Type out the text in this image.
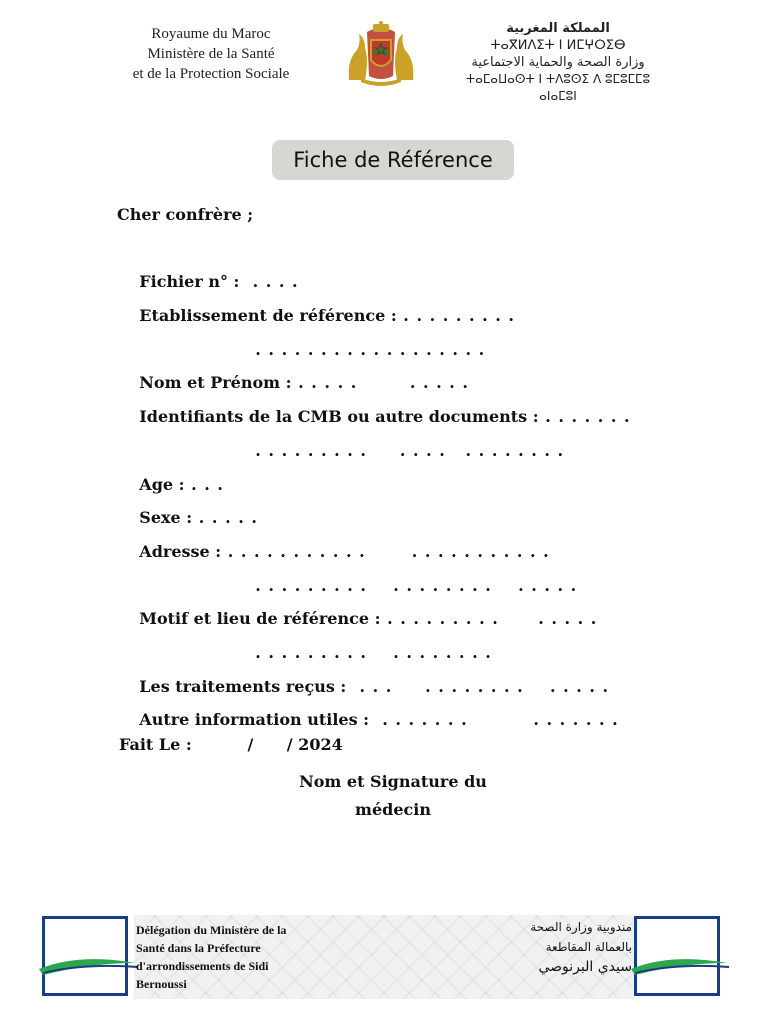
Royaume du Maroc
Ministère de la Santé
et de la Protection Sociale
المملكة المغربية
ⵜⴰⴳⵍⴷⵉⵜ ⵏ ⵍⵎⵖⵔⵉⴱ
وزارة الصحة والحماية الاجتماعية
ⵜⴰⵎⴰⵡⴰⵙⵜ ⵏ ⵜⴷⵓⵙⵉ ⴷ ⵓⵎⵓⵎⵎⵓ ⴰⵏⴰⵎⵓⵏ
Fiche de Référence
Cher confrère ;

Fichier n° :  . . . .

Etablissement de référence : . . . . . . . . .

. . . . . . . . . . . . . . . . . .

Nom et Prénom : . . . . .        . . . . .

Identifiants de la CMB ou autre documents : . . . . . . .

. . . . . . . . .     . . . .   . . . . . . . .

Age : . . .

Sexe : . . . . .

Adresse : . . . . . . . . . . .       . . . . . . . . . . .

. . . . . . . . .    . . . . . . . .    . . . . .

Motif et lieu de référence : . . . . . . . . .      . . . . .

. . . . . . . . .    . . . . . . . .

Les traitements reçus :  . . .     . . . . . . . .    . . . . .

Autre information utiles :  . . . . . . .          . . . . . . .

Fait Le :          /      / 2024
Nom et Signature du
médecin
Délégation du Ministère de la
Santé dans la Préfecture
d'arrondissements de Sidi
Bernoussi
مندوبية وزارة الصحة
بالعمالة المقاطعة
سيدي البرنوصي
